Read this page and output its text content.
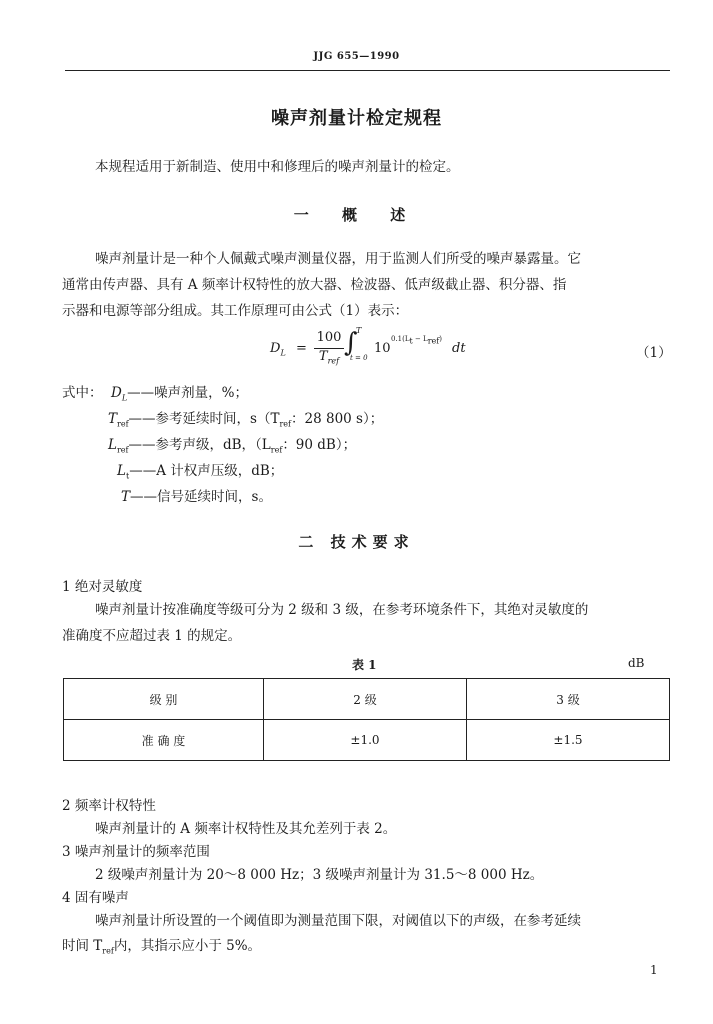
JJG 655—1990
噪声剂量计检定规程
本规程适用于新制造、使用中和修理后的噪声剂量计的检定。
一 概 述
噪声剂量计是一种个人佩戴式噪声测量仪器，用于监测人们所受的噪声暴露量。它
通常由传声器、具有 A 频率计权特性的放大器、检波器、低声级截止器、积分器、指
示器和电源等部分组成。其工作原理可由公式（1）表示：
$D_L$ =
100
$T_{ref}$
∫
T
t = 0
10
$0.1(L_t - L_{ref})$
dt	（1）
式中： $D_L——$噪声剂量，%；
$T_{ref}——$参考延续时间，$s(T_{ref}$：28 800 s）；
$L_{ref}——$参考声级，dB，（$L_{ref}$：90 dB）；
$L_t——A$ 计权声压级，dB；
T——信号延续时间，s。
二 技术要求
1 绝对灵敏度
噪声剂量计按准确度等级可分为 2 级和 3 级，在参考环境条件下，其绝对灵敏度的
准确度不应超过表 1 的规定。
表 1	dB
级 别	2 级	3 级
准 确 度	±1.0	±1.5
2 频率计权特性
噪声剂量计的 A 频率计权特性及其允差列于表 2。
3 噪声剂量计的频率范围
2 级噪声剂量计为 20～8 000 Hz；3 级噪声剂量计为 31.5～8 000 Hz。
4 固有噪声
噪声剂量计所设置的一个阈值即为测量范围下限，对阈值以下的声级，在参考延续
时间 $T_{ref}$内，其指示应小于 5%。
1
